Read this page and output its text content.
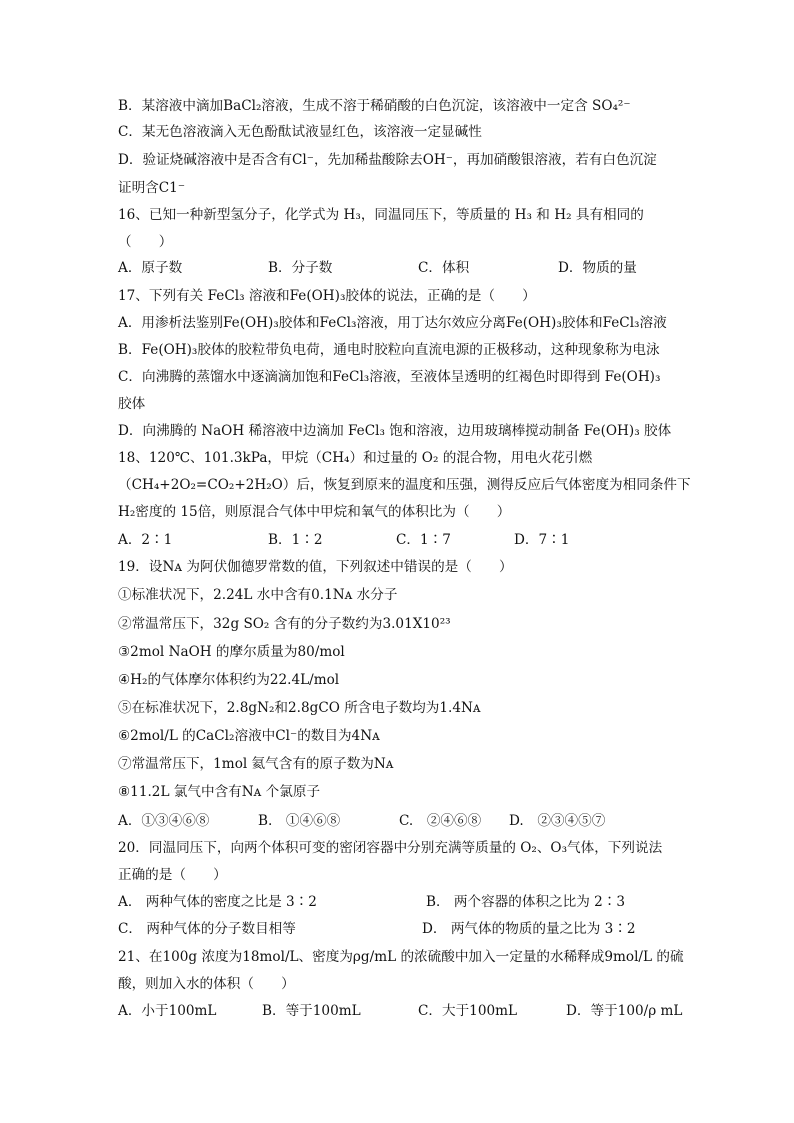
B．某溶液中滴加BaCl₂溶液，生成不溶于稀硝酸的白色沉淀，该溶液中一定含 SO₄²⁻
C．某无色溶液滴入无色酚酞试液显红色，该溶液一定显碱性
D．验证烧碱溶液中是否含有Cl⁻，先加稀盐酸除去OH⁻，再加硝酸银溶液，若有白色沉淀
证明含C1⁻
16、已知一种新型氢分子，化学式为 H₃，同温同压下，等质量的 H₃ 和 H₂ 具有相同的
（　　）
A．原子数	B．分子数	C．体积	D．物质的量
17、下列有关 FeCl₃ 溶液和Fe(OH)₃胶体的说法，正确的是（　　）
A．用渗析法鉴别Fe(OH)₃胶体和FeCl₃溶液，用丁达尔效应分离Fe(OH)₃胶体和FeCl₃溶液
B．Fe(OH)₃胶体的胶粒带负电荷，通电时胶粒向直流电源的正极移动，这种现象称为电泳
C．向沸腾的蒸馏水中逐滴滴加饱和FeCl₃溶液，至液体呈透明的红褐色时即得到 Fe(OH)₃
胶体
D．向沸腾的 NaOH 稀溶液中边滴加 FeCl₃ 饱和溶液，边用玻璃棒搅动制备 Fe(OH)₃ 胶体
18、120℃、101.3kPa，甲烷（CH₄）和过量的 O₂ 的混合物，用电火花引燃
（CH₄+2O₂=CO₂+2H₂O）后，恢复到原来的温度和压强，测得反应后气体密度为相同条件下
H₂密度的 15倍，则原混合气体中甲烷和氧气的体积比为（　　）
A．2∶1	B．1∶2	C．1∶7	D．7∶1
19．设Nᴀ 为阿伏伽德罗常数的值，下列叙述中错误的是（　　）
①标准状况下，2.24L 水中含有0.1Nᴀ 水分子
②常温常压下，32g SO₂ 含有的分子数约为3.01X10²³
③2mol NaOH 的摩尔质量为80/mol
④H₂的气体摩尔体积约为22.4L/mol
⑤在标准状况下，2.8gN₂和2.8gCO 所含电子数均为1.4Nᴀ
⑥2mol/L 的CaCl₂溶液中Cl⁻的数目为4Nᴀ
⑦常温常压下，1mol 氦气含有的原子数为Nᴀ
⑧11.2L 氯气中含有Nᴀ 个氯原子
A．①③④⑥⑧	B.　①④⑥⑧	C.　②④⑥⑧	D.　②③④⑤⑦
20．同温同压下，向两个体积可变的密闭容器中分别充满等质量的 O₂、O₃气体，下列说法
正确的是（　　）
A． 两种气体的密度之比是 3∶2	B． 两个容器的体积之比为 2∶3
C． 两种气体的分子数目相等	D． 两气体的物质的量之比为 3∶2
21、在100g 浓度为18mol/L、密度为ρg/mL 的浓硫酸中加入一定量的水稀释成9mol/L 的硫
酸，则加入水的体积（　　）
A．小于100mL	B．等于100mL	C．大于100mL	D．等于100/ρ mL
